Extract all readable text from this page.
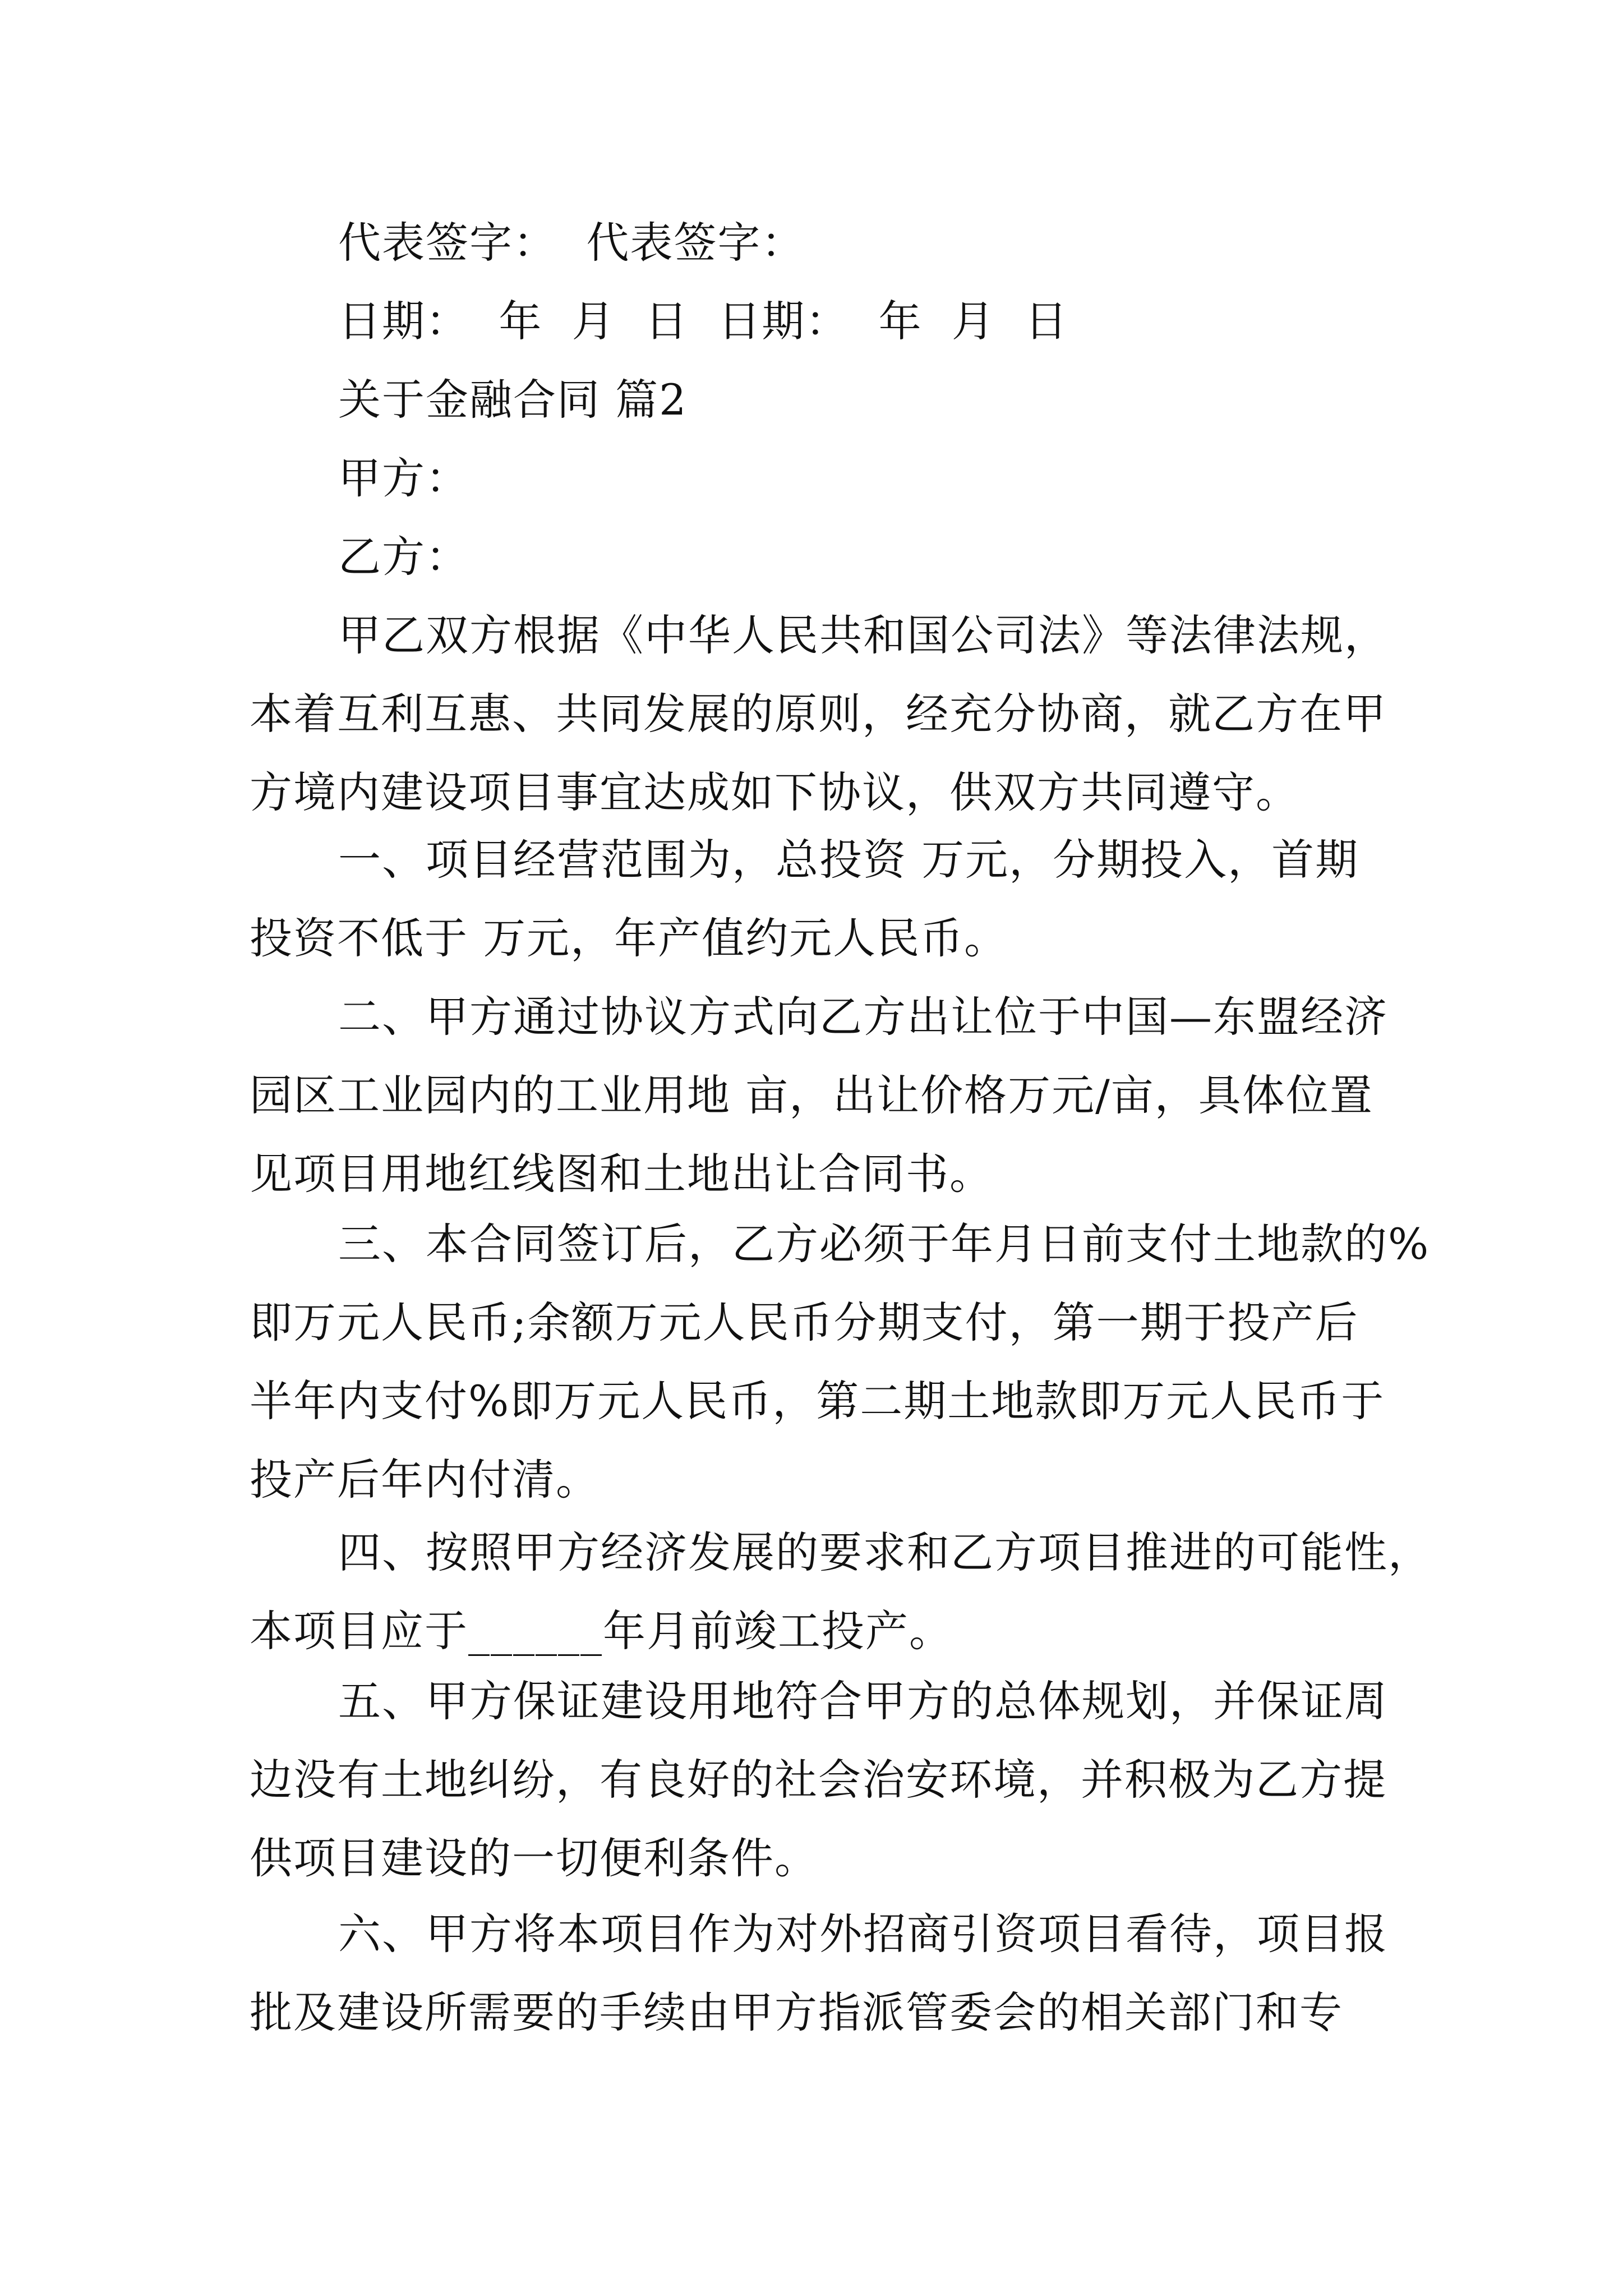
代表签字：  代表签字：
日期：  年  月  日  日期：  年  月  日
关于金融合同 篇2
甲方：
乙方：
甲乙双方根据《中华人民共和国公司法》等法律法规，
本着互利互惠、共同发展的原则，经充分协商，就乙方在甲
方境内建设项目事宜达成如下协议，供双方共同遵守。
一、项目经营范围为，总投资 万元，分期投入，首期
投资不低于 万元，年产值约元人民币。
二、甲方通过协议方式向乙方出让位于中国—东盟经济
园区工业园内的工业用地 亩，出让价格万元/亩，具体位置
见项目用地红线图和土地出让合同书。
三、本合同签订后，乙方必须于年月日前支付土地款的%
即万元人民币;余额万元人民币分期支付，第一期于投产后
半年内支付%即万元人民币，第二期土地款即万元人民币于
投产后年内付清。
四、按照甲方经济发展的要求和乙方项目推进的可能性，
本项目应于______年月前竣工投产。
五、甲方保证建设用地符合甲方的总体规划，并保证周
边没有土地纠纷，有良好的社会治安环境，并积极为乙方提
供项目建设的一切便利条件。
六、甲方将本项目作为对外招商引资项目看待，项目报
批及建设所需要的手续由甲方指派管委会的相关部门和专
